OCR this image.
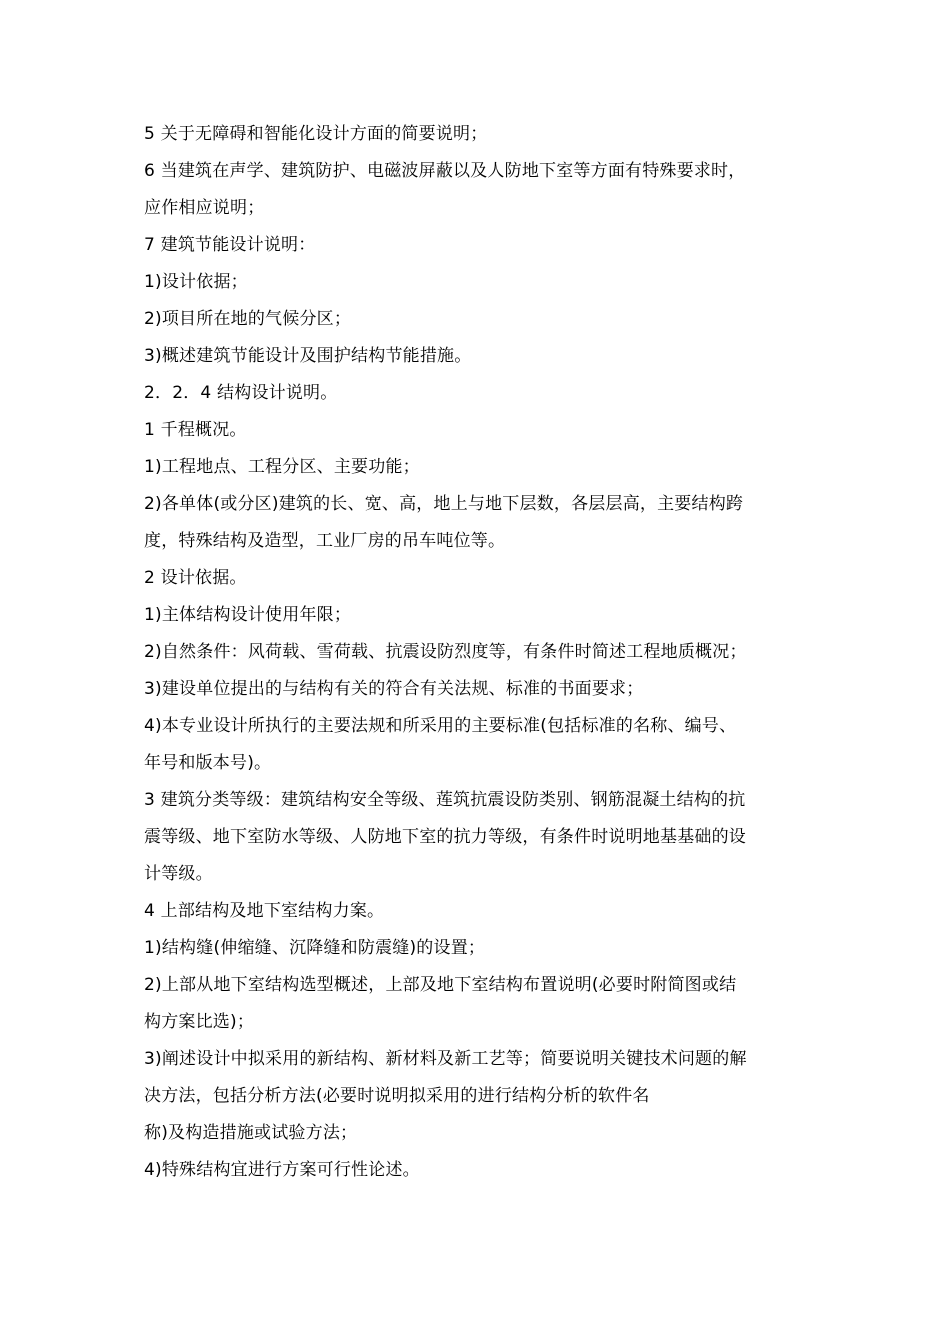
5 关于无障碍和智能化设计方面的简要说明；
6 当建筑在声学、建筑防护、电磁波屏蔽以及人防地下室等方面有特殊要求时，
应作相应说明；
7 建筑节能设计说明：
1)设计依据；
2)项目所在地的气候分区；
3)概述建筑节能设计及围护结构节能措施。
2．2．4 结构设计说明。
1 千程概况。
1)工程地点、工程分区、主要功能；
2)各单体(或分区)建筑的长、宽、高，地上与地下层数，各层层高，主要结构跨
度，特殊结构及造型，工业厂房的吊车吨位等。
2 设计依据。
1)主体结构设计使用年限；
2)自然条件：风荷载、雪荷载、抗震设防烈度等，有条件时简述工程地质概况；
3)建设单位提出的与结构有关的符合有关法规、标准的书面要求；
4)本专业设计所执行的主要法规和所采用的主要标准(包括标准的名称、编号、
年号和版本号)。
3 建筑分类等级：建筑结构安全等级、莲筑抗震设防类别、钢筋混凝土结构的抗
震等级、地下室防水等级、人防地下室的抗力等级，有条件时说明地基基础的设
计等级。
4 上部结构及地下室结构力案。
1)结构缝(伸缩缝、沉降缝和防震缝)的设置；
2)上部从地下室结构选型概述，上部及地下室结构布置说明(必要时附简图或结
构方案比选)；
3)阐述设计中拟采用的新结构、新材料及新工艺等；简要说明关键技术问题的解
决方法，包括分析方法(必要时说明拟采用的进行结构分析的软件名
称)及构造措施或试验方法；
4)特殊结构宜进行方案可行性论述。
